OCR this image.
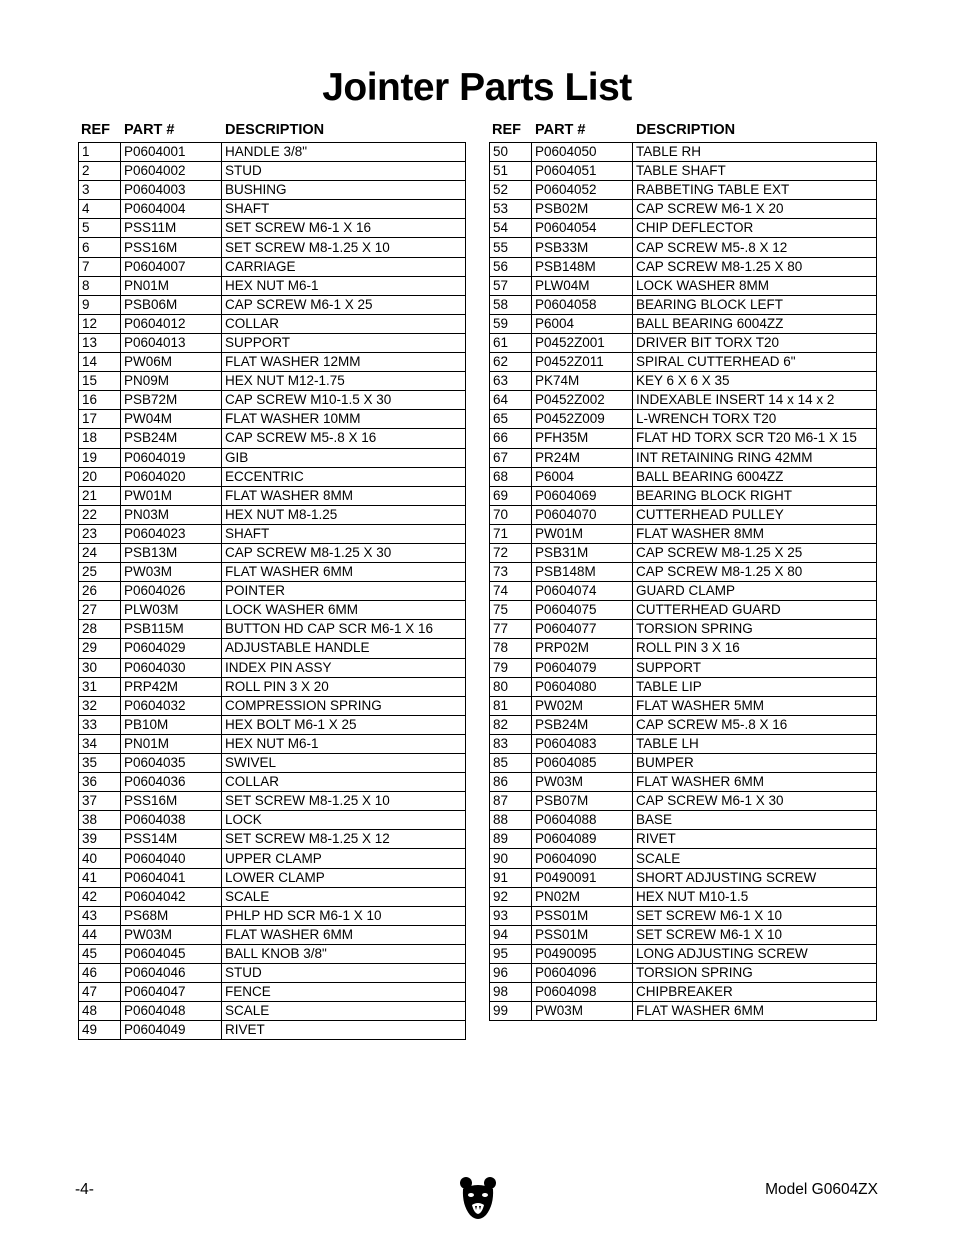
Jointer Parts List
REF PART #	DESCRIPTION
1	P0604001	HANDLE 3/8"
2	P0604002	STUD
3	P0604003	BUSHING
4	P0604004	SHAFT
5	PSS11M	SET SCREW M6-1 X 16
6	PSS16M	SET SCREW M8-1.25 X 10
7	P0604007	CARRIAGE
8	PN01M	HEX NUT M6-1
9	PSB06M	CAP SCREW M6-1 X 25
12	P0604012	COLLAR
13	P0604013	SUPPORT
14	PW06M	FLAT WASHER 12MM
15	PN09M	HEX NUT M12-1.75
16	PSB72M	CAP SCREW M10-1.5 X 30
17	PW04M	FLAT WASHER 10MM
18	PSB24M	CAP SCREW M5-.8 X 16
19	P0604019	GIB
20	P0604020	ECCENTRIC
21	PW01M	FLAT WASHER 8MM
22	PN03M	HEX NUT M8-1.25
23	P0604023	SHAFT
24	PSB13M	CAP SCREW M8-1.25 X 30
25	PW03M	FLAT WASHER 6MM
26	P0604026	POINTER
27	PLW03M	LOCK WASHER 6MM
28	PSB115M	BUTTON HD CAP SCR M6-1 X 16
29	P0604029	ADJUSTABLE HANDLE
30	P0604030	INDEX PIN ASSY
31	PRP42M	ROLL PIN 3 X 20
32	P0604032	COMPRESSION SPRING
33	PB10M	HEX BOLT M6-1 X 25
34	PN01M	HEX NUT M6-1
35	P0604035	SWIVEL
36	P0604036	COLLAR
37	PSS16M	SET SCREW M8-1.25 X 10
38	P0604038	LOCK
39	PSS14M	SET SCREW M8-1.25 X 12
40	P0604040	UPPER CLAMP
41	P0604041	LOWER CLAMP
42	P0604042	SCALE
43	PS68M	PHLP HD SCR M6-1 X 10
44	PW03M	FLAT WASHER 6MM
45	P0604045	BALL KNOB 3/8"
46	P0604046	STUD
47	P0604047	FENCE
48	P0604048	SCALE
49	P0604049	RIVET
REF PART #	DESCRIPTION
50	P0604050	TABLE RH
51	P0604051	TABLE SHAFT
52	P0604052	RABBETING TABLE EXT
53	PSB02M	CAP SCREW M6-1 X 20
54	P0604054	CHIP DEFLECTOR
55	PSB33M	CAP SCREW M5-.8 X 12
56	PSB148M	CAP SCREW M8-1.25 X 80
57	PLW04M	LOCK WASHER 8MM
58	P0604058	BEARING BLOCK LEFT
59	P6004	BALL BEARING 6004ZZ
61	P0452Z001	DRIVER BIT TORX T20
62	P0452Z011	SPIRAL CUTTERHEAD 6"
63	PK74M	KEY 6 X 6 X 35
64	P0452Z002	INDEXABLE INSERT 14 x 14 x 2
65	P0452Z009	L-WRENCH TORX T20
66	PFH35M	FLAT HD TORX SCR T20 M6-1 X 15
67	PR24M	INT RETAINING RING 42MM
68	P6004	BALL BEARING 6004ZZ
69	P0604069	BEARING BLOCK RIGHT
70	P0604070	CUTTERHEAD PULLEY
71	PW01M	FLAT WASHER 8MM
72	PSB31M	CAP SCREW M8-1.25 X 25
73	PSB148M	CAP SCREW M8-1.25 X 80
74	P0604074	GUARD CLAMP
75	P0604075	CUTTERHEAD GUARD
77	P0604077	TORSION SPRING
78	PRP02M	ROLL PIN 3 X 16
79	P0604079	SUPPORT
80	P0604080	TABLE LIP
81	PW02M	FLAT WASHER 5MM
82	PSB24M	CAP SCREW M5-.8 X 16
83	P0604083	TABLE LH
85	P0604085	BUMPER
86	PW03M	FLAT WASHER 6MM
87	PSB07M	CAP SCREW M6-1 X 30
88	P0604088	BASE
89	P0604089	RIVET
90	P0604090	SCALE
91	P0490091	SHORT ADJUSTING SCREW
92	PN02M	HEX NUT M10-1.5
93	PSS01M	SET SCREW M6-1 X 10
94	PSS01M	SET SCREW M6-1 X 10
95	P0490095	LONG ADJUSTING SCREW
96	P0604096	TORSION SPRING
98	P0604098	CHIPBREAKER
99	PW03M	FLAT WASHER 6MM
-4-	Model G0604ZX
